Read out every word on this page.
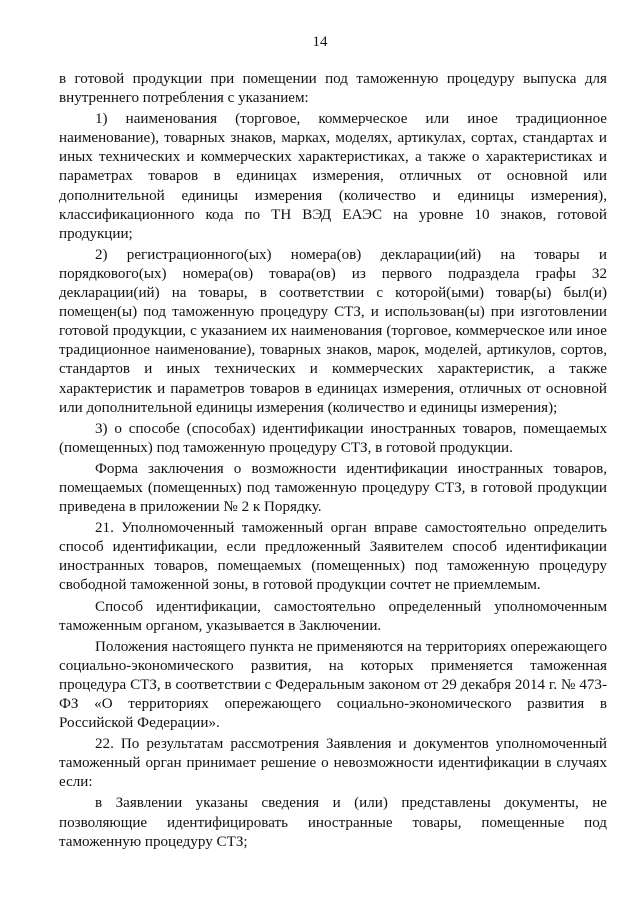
14

в готовой продукции при помещении под таможенную процедуру выпуска для внутреннего потребления с указанием:

1) наименования (торговое, коммерческое или иное традиционное наименование), товарных знаков, марках, моделях, артикулах, сортах, стандартах и иных технических и коммерческих характеристиках, а также о характеристиках и параметрах товаров в единицах измерения, отличных от основной или дополнительной единицы измерения (количество и единицы измерения), классификационного кода по ТН ВЭД ЕАЭС на уровне 10 знаков, готовой продукции;

2) регистрационного(ых) номера(ов) декларации(ий) на товары и порядкового(ых) номера(ов) товара(ов) из первого подраздела графы 32 декларации(ий) на товары, в соответствии с которой(ыми) товар(ы) был(и) помещен(ы) под таможенную процедуру СТЗ, и использован(ы) при изготовлении готовой продукции, с указанием их наименования (торговое, коммерческое или иное традиционное наименование), товарных знаков, марок, моделей, артикулов, сортов, стандартов и иных технических и коммерческих характеристик, а также характеристик и параметров товаров в единицах измерения, отличных от основной или дополнительной единицы измерения (количество и единицы измерения);

3) о способе (способах) идентификации иностранных товаров, помещаемых (помещенных) под таможенную процедуру СТЗ, в готовой продукции.

Форма заключения о возможности идентификации иностранных товаров, помещаемых (помещенных) под таможенную процедуру СТЗ, в готовой продукции приведена в приложении № 2 к Порядку.

21. Уполномоченный таможенный орган вправе самостоятельно определить способ идентификации, если предложенный Заявителем способ идентификации иностранных товаров, помещаемых (помещенных) под таможенную процедуру свободной таможенной зоны, в готовой продукции сочтет не приемлемым.

Способ идентификации, самостоятельно определенный уполномоченным таможенным органом, указывается в Заключении.

Положения настоящего пункта не применяются на территориях опережающего социально-экономического развития, на которых применяется таможенная процедура СТЗ, в соответствии с Федеральным законом от 29 декабря 2014 г. № 473-ФЗ «О территориях опережающего социально-экономического развития в Российской Федерации».

22. По результатам рассмотрения Заявления и документов уполномоченный таможенный орган принимает решение о невозможности идентификации в случаях если:

в Заявлении указаны сведения и (или) представлены документы, не позволяющие идентифицировать иностранные товары, помещенные под таможенную процедуру СТЗ;
